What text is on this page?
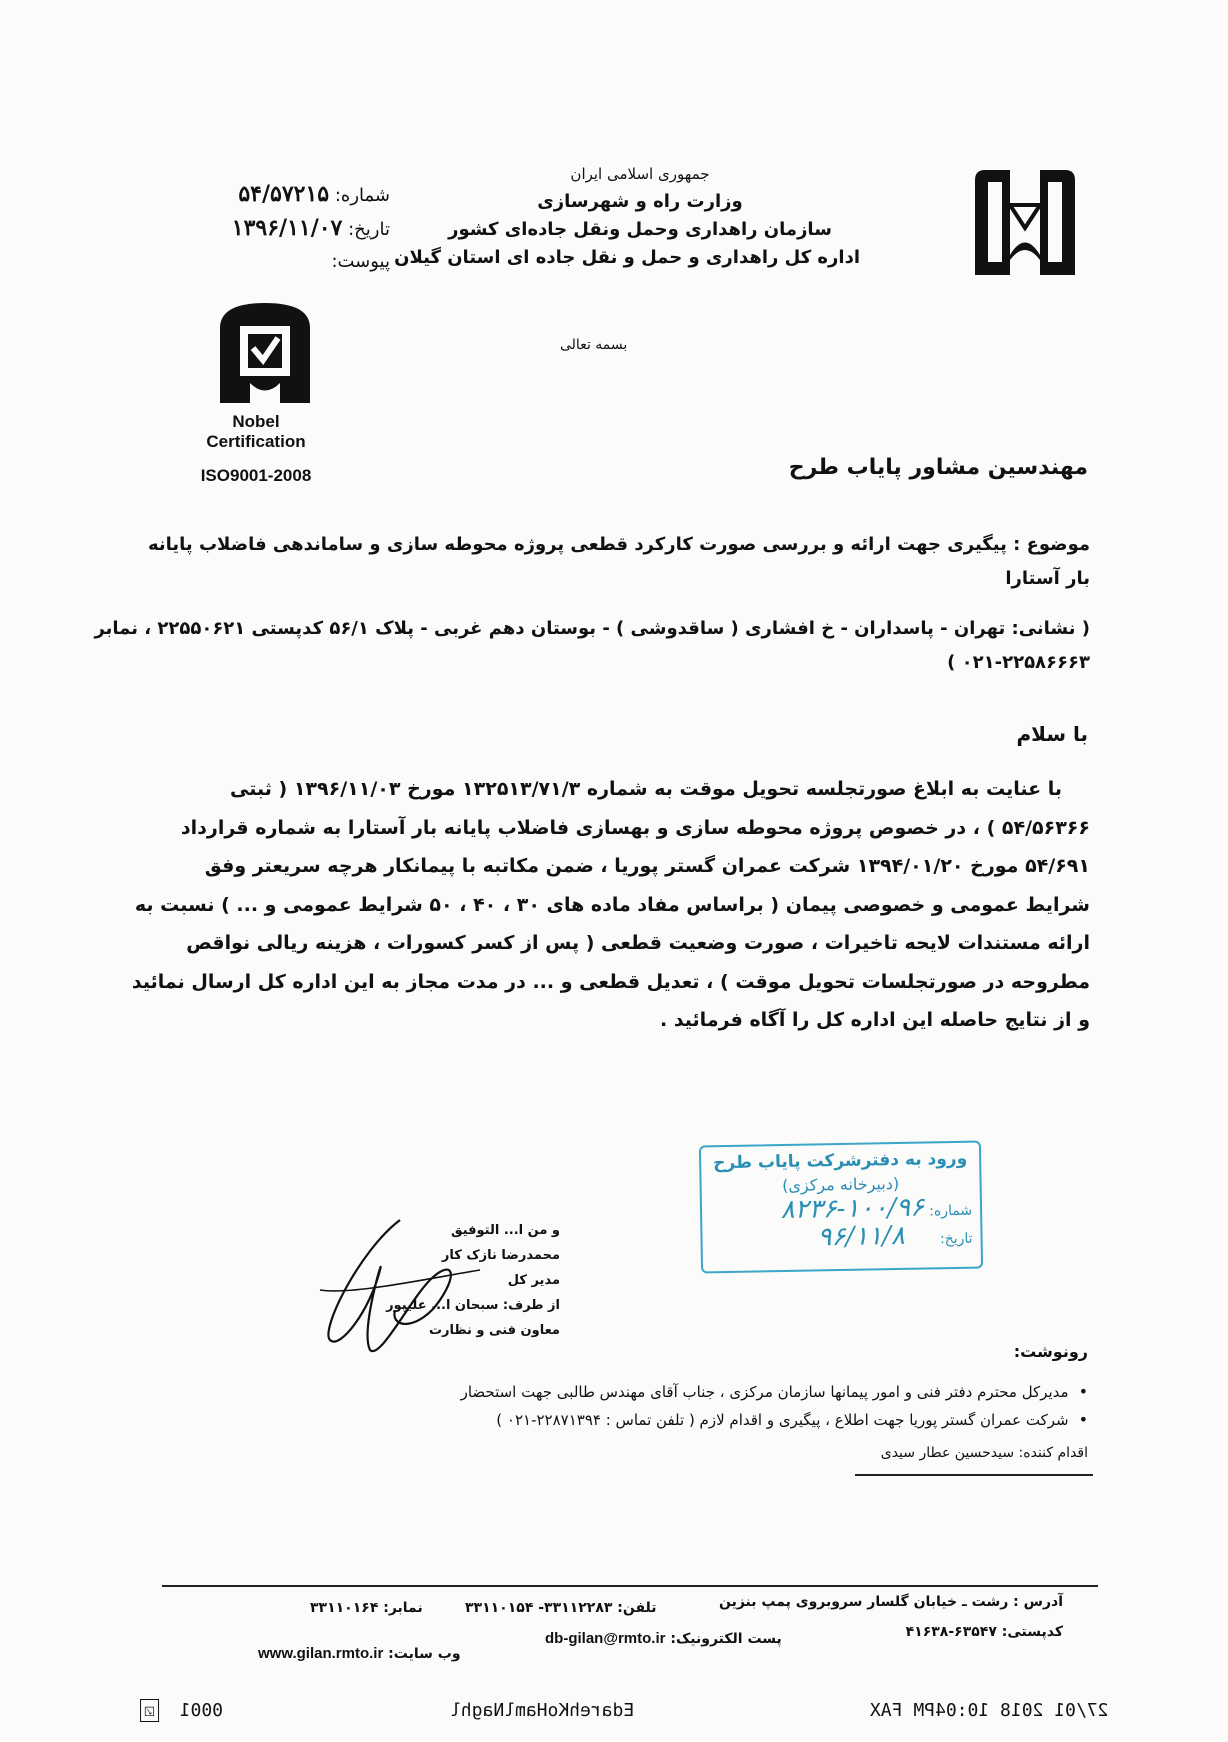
جمهوری اسلامی ایران
وزارت راه و شهرسازی
سازمان راهداری وحمل ونقل جاده‌ای کشور
اداره کل راهداری و حمل و نقل جاده ای استان گیلان
شماره: ۵۴/۵۷۲۱۵
تاریخ: ۱۳۹۶/۱۱/۰۷
پیوست:
Nobel
Certification
ISO9001-2008
بسمه تعالی
مهندسین مشاور پایاب طرح
موضوع : پیگیری جهت ارائه و بررسی صورت کارکرد قطعی پروژه محوطه سازی و ساماندهی فاضلاب پایانه
بار آستارا
( نشانی: تهران - پاسداران - خ افشاری ( ساقدوشی ) - بوستان دهم غربی - پلاک ۵۶/۱ کدپستی ۲۲۵۵۰۶۲۱ ، نمابر
۰۲۱-۲۲۵۸۶۶۶۳ )
با سلام
با عنایت به ابلاغ صورتجلسه تحویل موقت به شماره ۱۳۲۵۱۳/۷۱/۳ مورخ ۱۳۹۶/۱۱/۰۳ ( ثبتی
۵۴/۵۶۳۶۶ ) ، در خصوص پروژه محوطه سازی و بهسازی فاضلاب پایانه بار آستارا به شماره قرارداد
۵۴/۶۹۱ مورخ ۱۳۹۴/۰۱/۲۰ شرکت عمران گستر پوریا ، ضمن مکاتبه با پیمانکار هرچه سریعتر وفق
شرایط عمومی و خصوصی پیمان ( براساس مفاد ماده های ۳۰ ، ۴۰ ، ۵۰ شرایط عمومی و ... ) نسبت به
ارائه مستندات لایحه تاخیرات ، صورت وضعیت قطعی ( پس از کسر کسورات ، هزینه ریالی نواقص
مطروحه در صورتجلسات تحویل موقت ) ، تعدیل قطعی و ... در مدت مجاز به این اداره کل ارسال نمائید
و از نتایج حاصله این اداره کل را آگاه فرمائید .
ورود به دفترشرکت پایاب طرح
(دبیرخانه مرکزی)
شماره: ۱۰۰/۹۶-۸۲۳۶
تاریخ: ۹۶/۱۱/۸
و من ا... التوفیق
محمدرضا نازک کار
مدیر کل
از طرف: سبحان ا... علیپور
معاون فنی و نظارت
رونوشت:
• مدیرکل محترم دفتر فنی و امور پیمانها سازمان مرکزی ، جناب آقای مهندس طالبی جهت استحضار
• شرکت عمران گستر پوریا جهت اطلاع ، پیگیری و اقدام لازم ( تلفن تماس : ۲۲۸۷۱۳۹۴-۰۲۱ )
اقدام کننده: سیدحسین عطار سیدی
آدرس : رشت ـ خیابان گلسار سروبروی پمپ بنزین
تلفن: ۳۳۱۱۲۲۸۳- ۳۳۱۱۰۱۵۴
نمابر: ۳۳۱۱۰۱۶۴
کدپستی: ۶۳۵۴۷-۴۱۶۳۸
پست الکترونیک: db-gilan@rmto.ir
وب سایت: www.gilan.rmto.ir
0001 ☑	EdarehKoHamlNaghl	27/01 2018 10:04PM FAX
